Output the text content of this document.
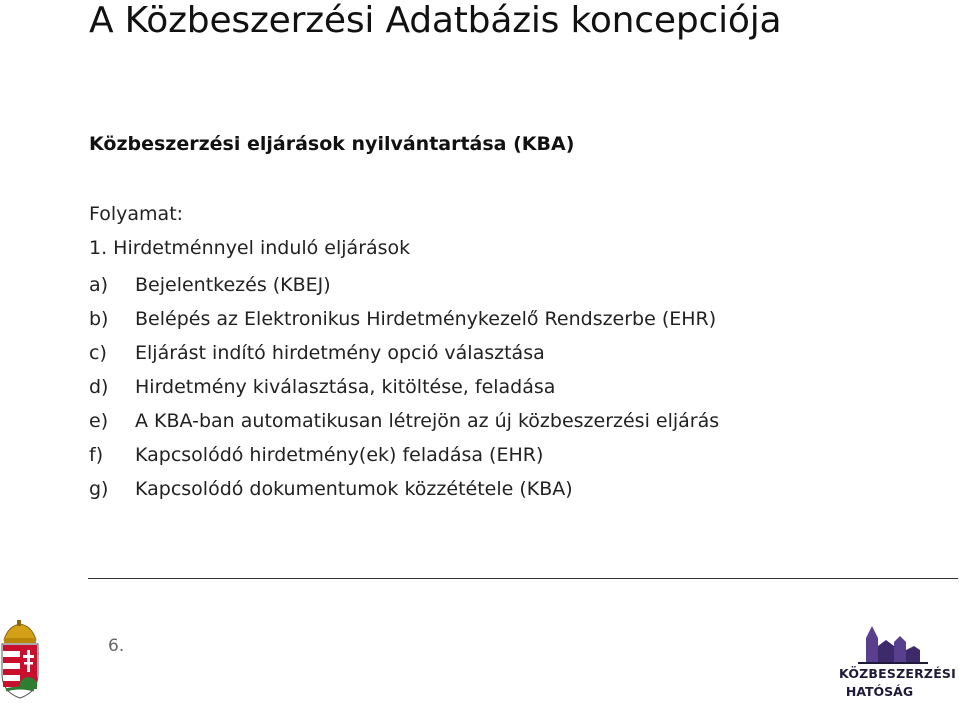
A Közbeszerzési Adatbázis koncepciója
Közbeszerzési eljárások nyilvántartása (KBA)
Folyamat:
1. Hirdetménnyel induló eljárások
a) Bejelentkezés (KBEJ)
b) Belépés az Elektronikus Hirdetménykezelő Rendszerbe (EHR)
c) Eljárást indító hirdetmény opció választása
d) Hirdetmény kiválasztása, kitöltése, feladása
e) A KBA-ban automatikusan létrejön az új közbeszerzési eljárás
f) Kapcsolódó hirdetmény(ek) feladása (EHR)
g) Kapcsolódó dokumentumok közzététele (KBA)
6.
KÖZBESZERZÉSI
HATÓSÁG
